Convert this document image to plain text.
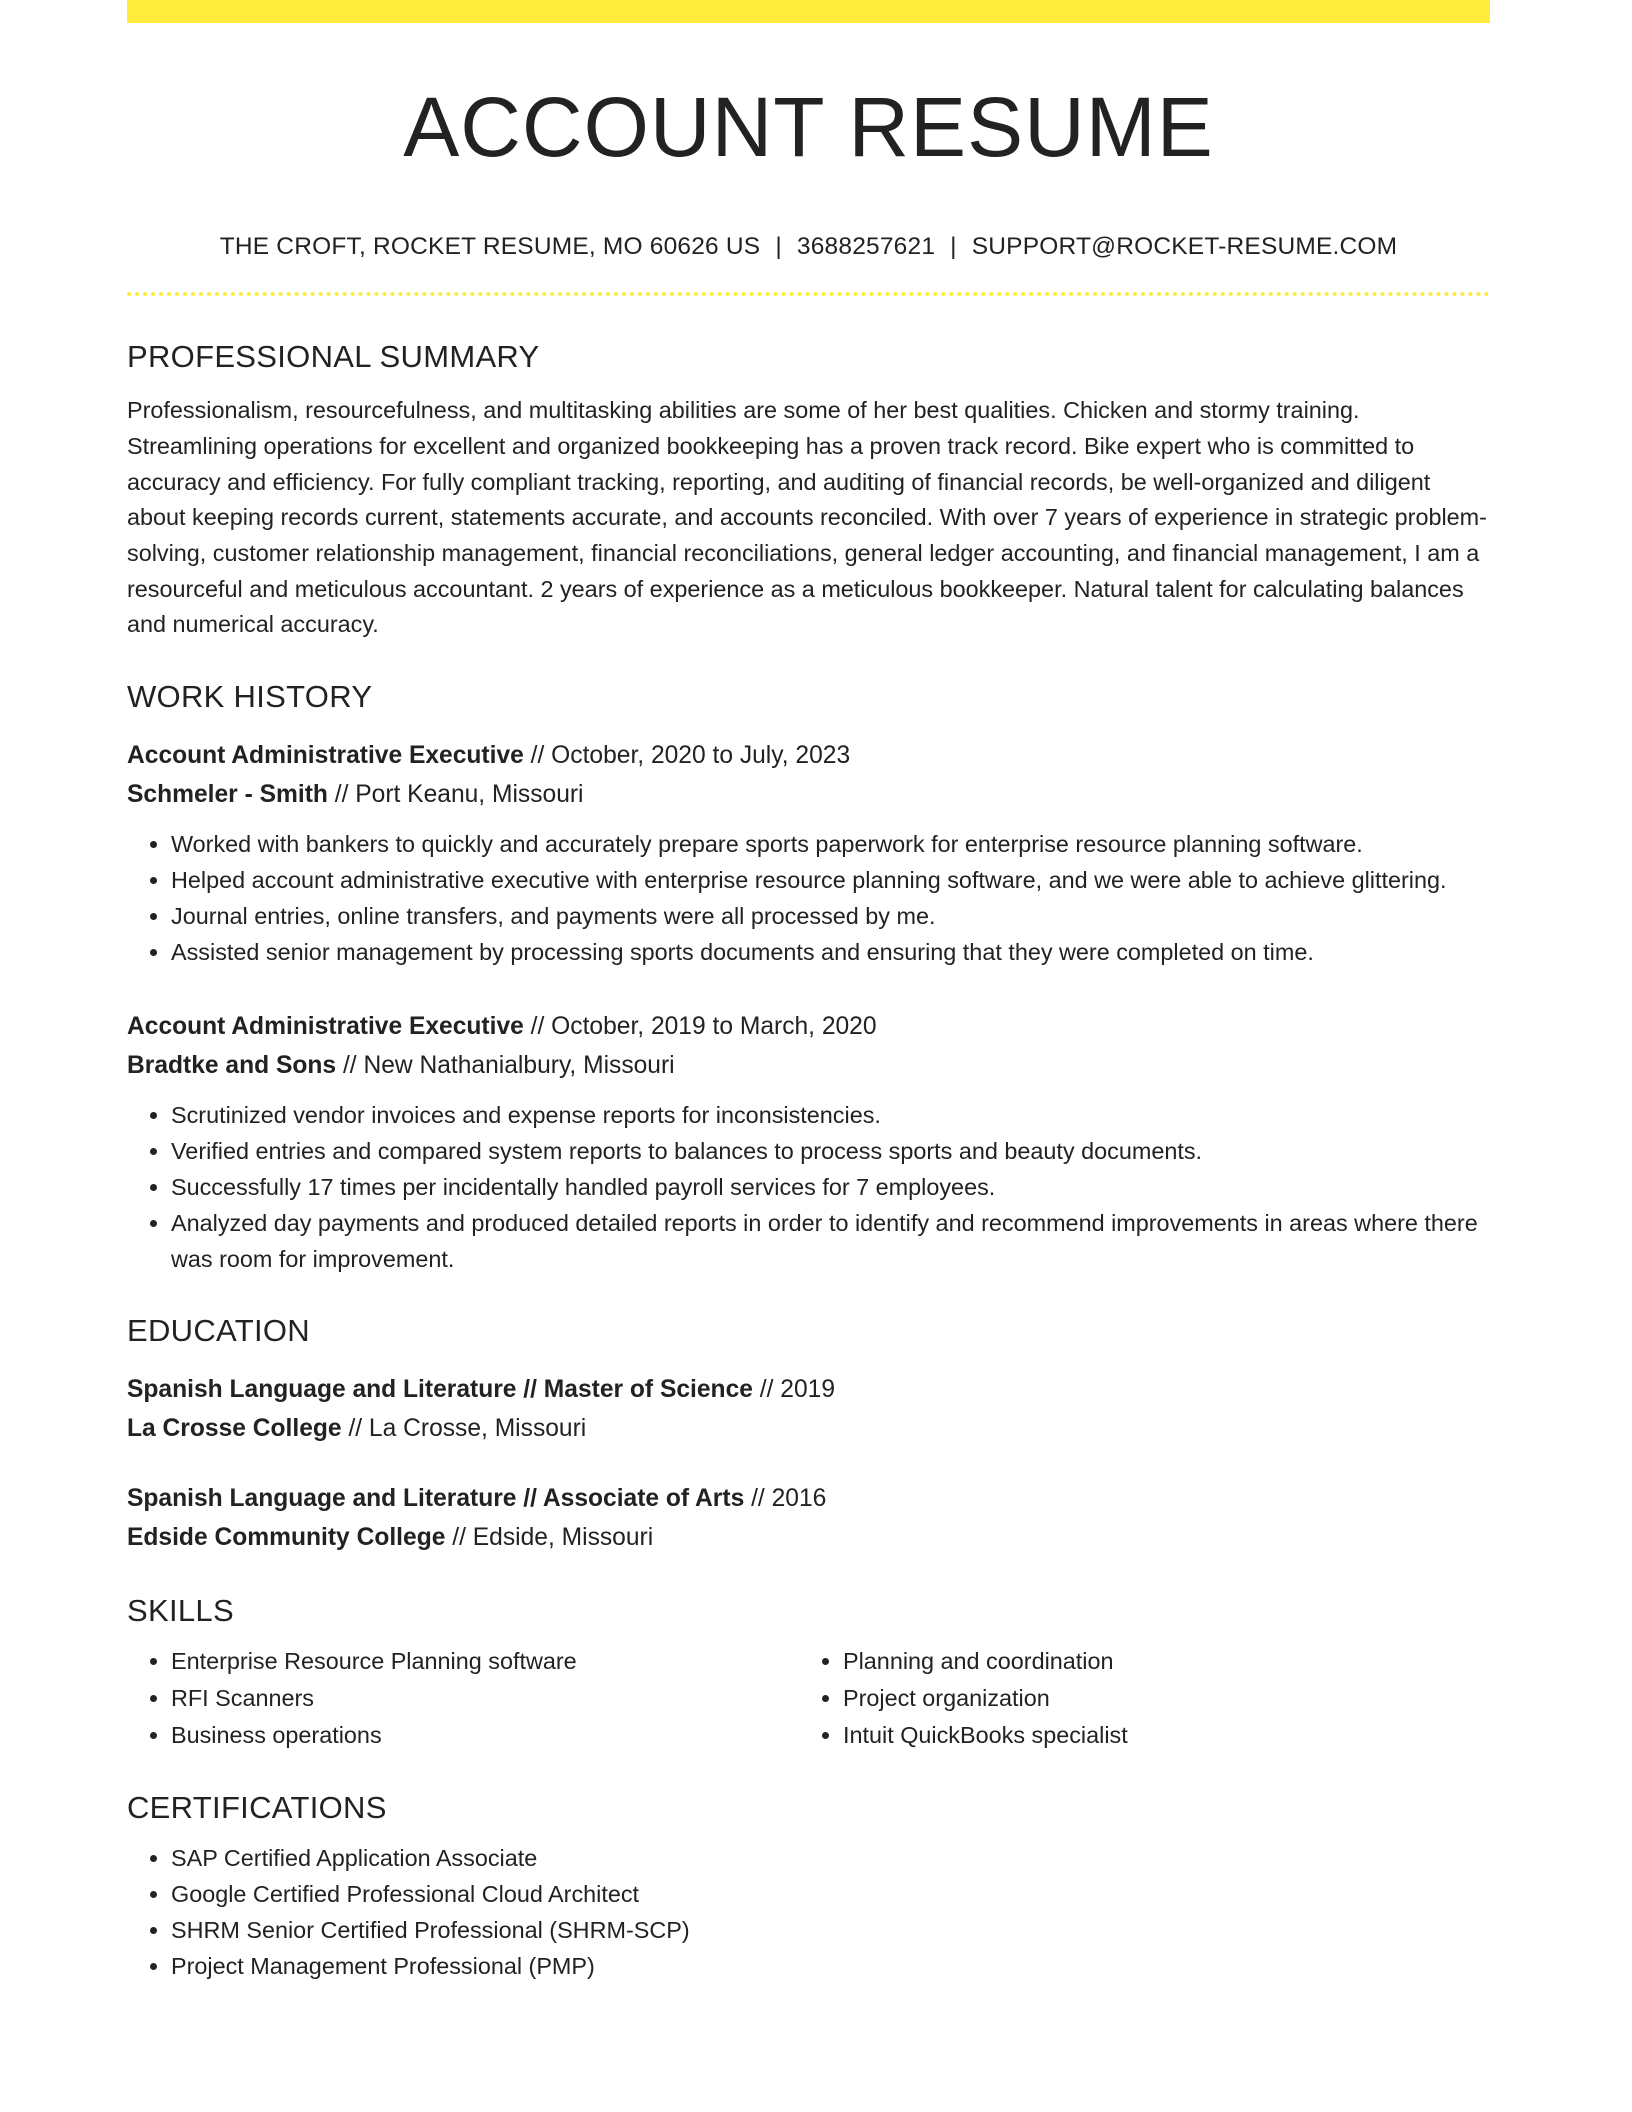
ACCOUNT RESUME
THE CROFT, ROCKET RESUME, MO 60626 US | 3688257621 | SUPPORT@ROCKET-RESUME.COM
PROFESSIONAL SUMMARY

Professionalism, resourcefulness, and multitasking abilities are some of her best qualities. Chicken and stormy training. Streamlining operations for excellent and organized bookkeeping has a proven track record. Bike expert who is committed to accuracy and efficiency. For fully compliant tracking, reporting, and auditing of financial records, be well-organized and diligent about keeping records current, statements accurate, and accounts reconciled. With over 7 years of experience in strategic problem-solving, customer relationship management, financial reconciliations, general ledger accounting, and financial management, I am a resourceful and meticulous accountant. 2 years of experience as a meticulous bookkeeper. Natural talent for calculating balances and numerical accuracy.

WORK HISTORY
Account Administrative Executive // October, 2020 to July, 2023
Schmeler - Smith // Port Keanu, Missouri
• Worked with bankers to quickly and accurately prepare sports paperwork for enterprise resource planning software.
• Helped account administrative executive with enterprise resource planning software, and we were able to achieve glittering.
• Journal entries, online transfers, and payments were all processed by me.
• Assisted senior management by processing sports documents and ensuring that they were completed on time.
Account Administrative Executive // October, 2019 to March, 2020
Bradtke and Sons // New Nathanialbury, Missouri
• Scrutinized vendor invoices and expense reports for inconsistencies.
• Verified entries and compared system reports to balances to process sports and beauty documents.
• Successfully 17 times per incidentally handled payroll services for 7 employees.
• Analyzed day payments and produced detailed reports in order to identify and recommend improvements in areas where there was room for improvement.
EDUCATION
Spanish Language and Literature // Master of Science // 2019
La Crosse College // La Crosse, Missouri
Spanish Language and Literature // Associate of Arts // 2016
Edside Community College // Edside, Missouri
SKILLS
• Enterprise Resource Planning software
• RFI Scanners
• Business operations
• Planning and coordination
• Project organization
• Intuit QuickBooks specialist
CERTIFICATIONS
• SAP Certified Application Associate
• Google Certified Professional Cloud Architect
• SHRM Senior Certified Professional (SHRM-SCP)
• Project Management Professional (PMP)
